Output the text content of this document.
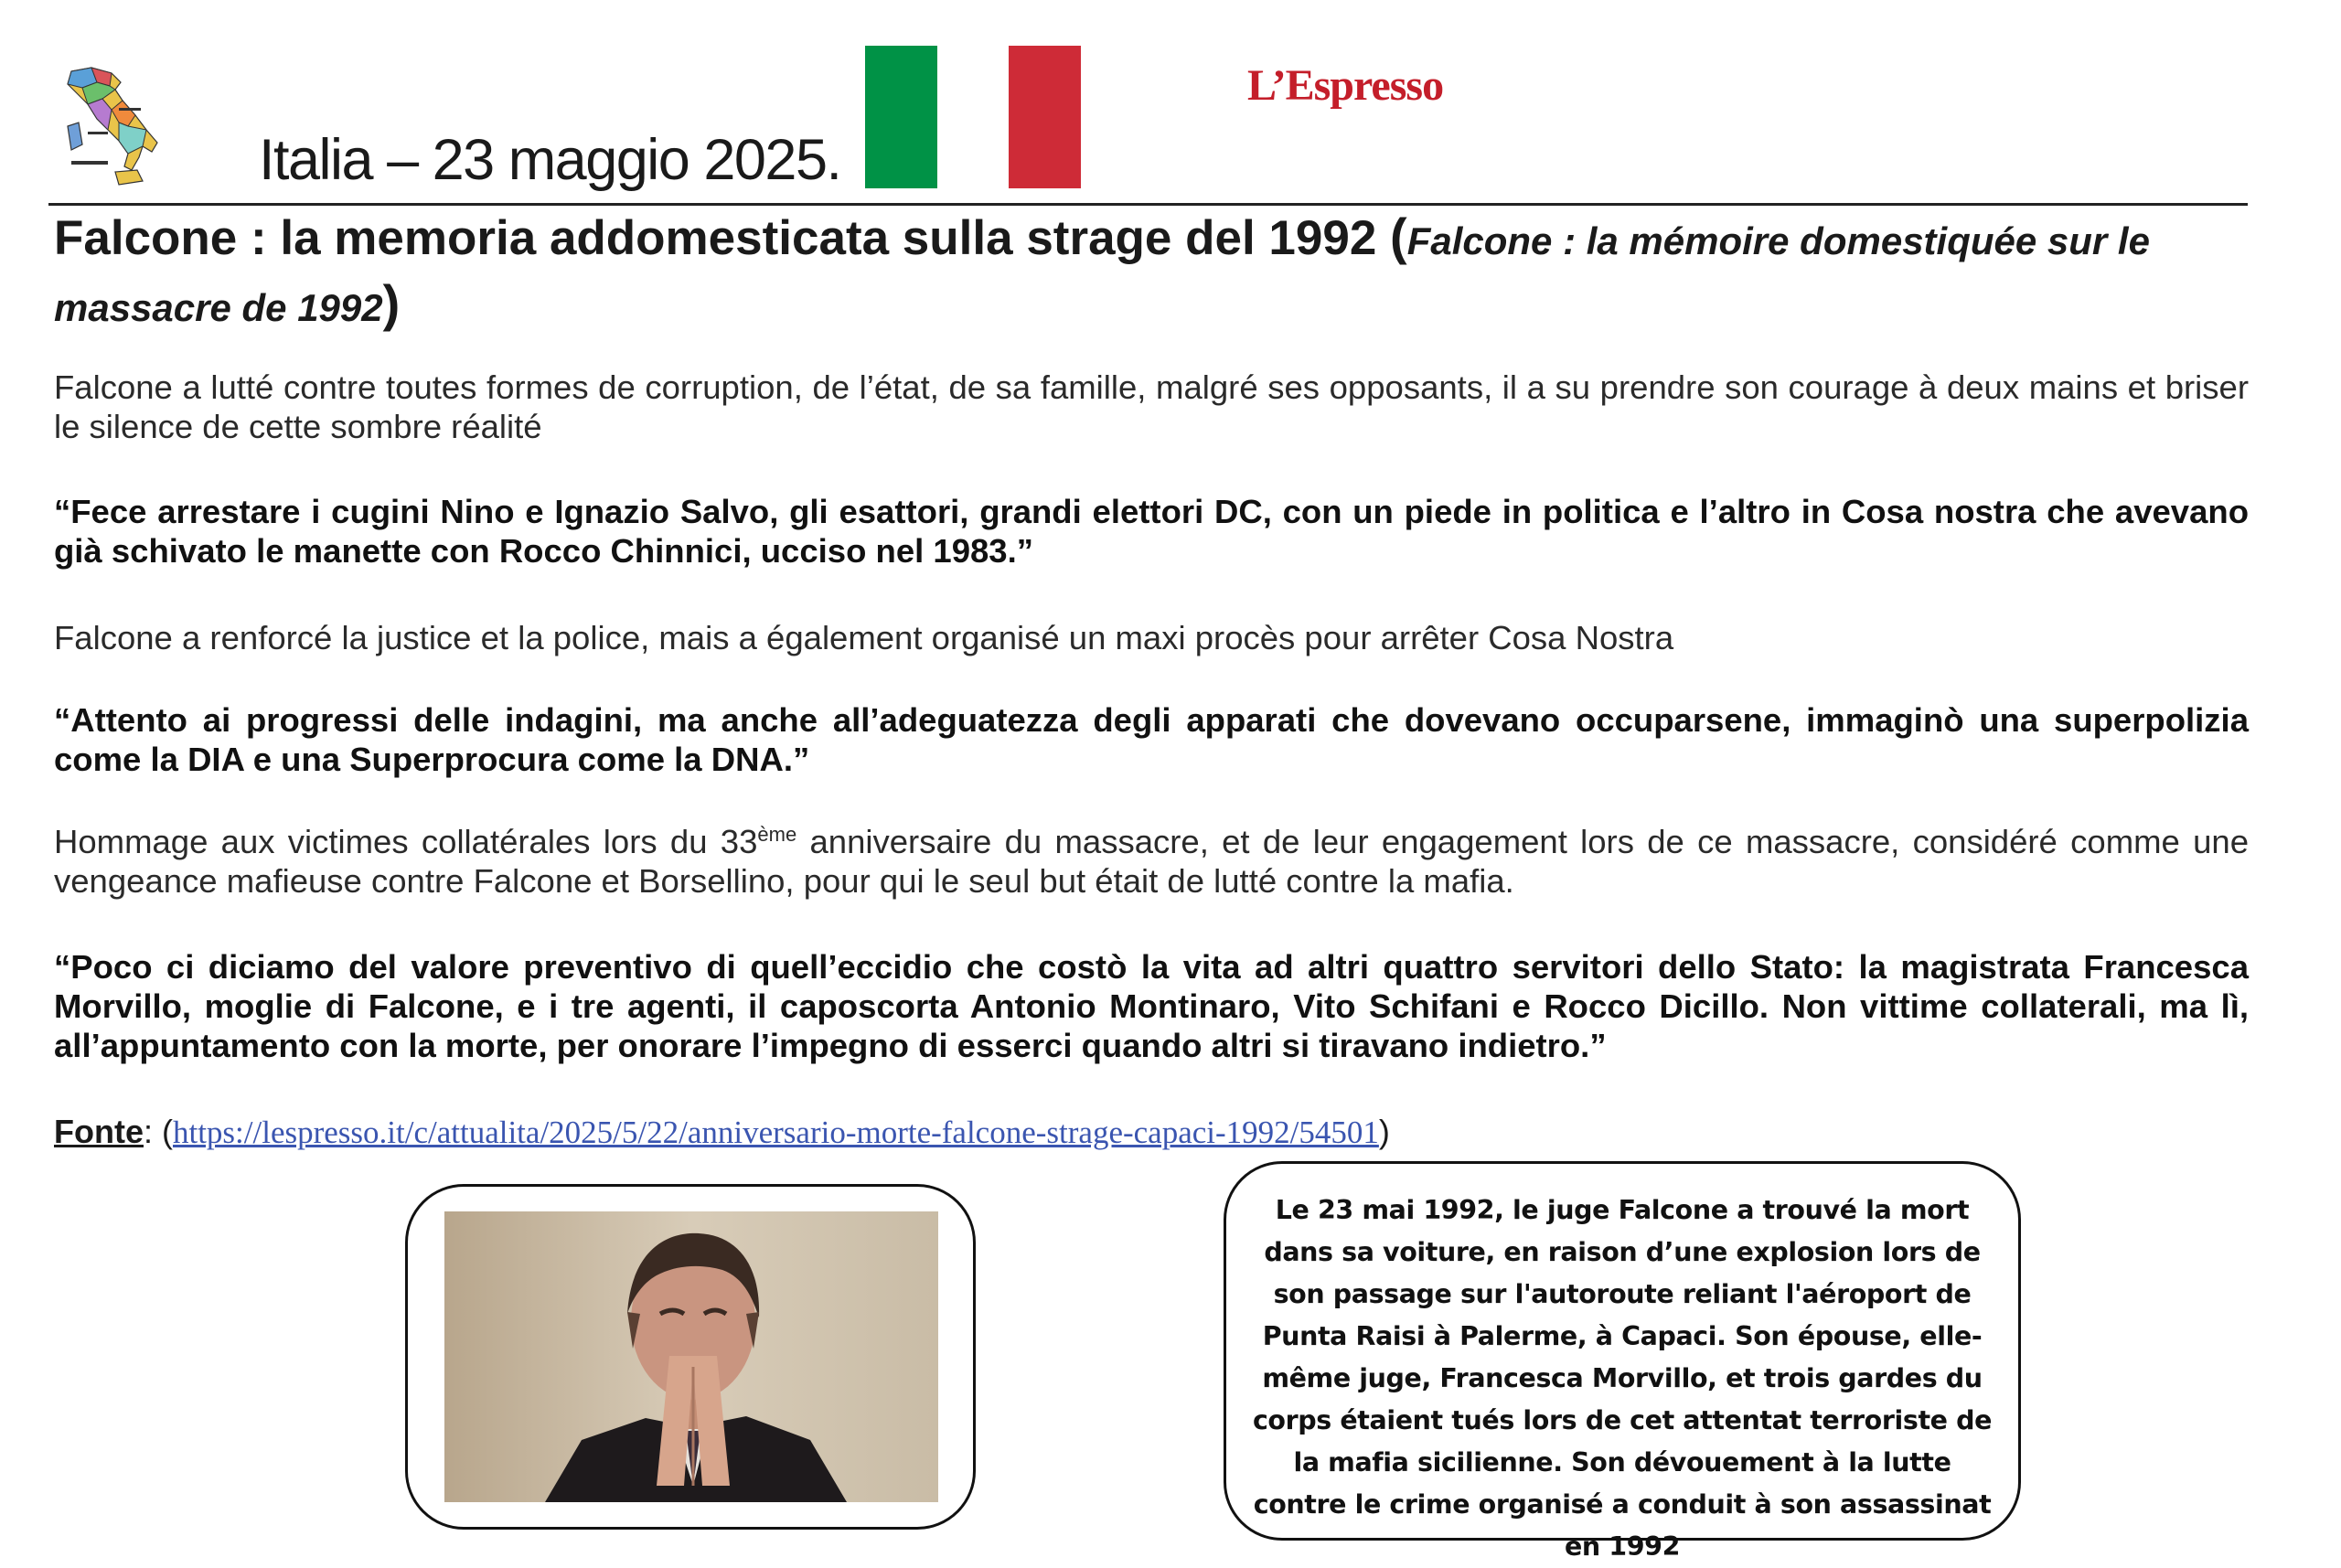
Italia – 23 maggio 2025.
L’Espresso
Falcone : la memoria addomesticata sulla strage del 1992 (Falcone : la mémoire domestiquée sur le massacre de 1992)
Falcone a lutté contre toutes formes de corruption, de l’état, de sa famille, malgré ses opposants, il a su prendre son courage à deux mains et briser le silence de cette sombre réalité
“Fece arrestare i cugini Nino e Ignazio Salvo, gli esattori, grandi elettori DC, con un piede in politica e l’altro in Cosa nostra che avevano già schivato le manette con Rocco Chinnici, ucciso nel 1983.”
Falcone a renforcé la justice et la police, mais a également organisé un maxi procès pour arrêter Cosa Nostra
“Attento ai progressi delle indagini, ma anche all’adeguatezza degli apparati che dovevano occuparsene, immaginò una superpolizia come la DIA e una Superprocura come la DNA.”
Hommage aux victimes collatérales lors du 33ème anniversaire du massacre, et de leur engagement lors de ce massacre, considéré comme une vengeance mafieuse contre Falcone et Borsellino, pour qui le seul but était de lutté contre la mafia.
“Poco ci diciamo del valore preventivo di quell’eccidio che costò la vita ad altri quattro servitori dello Stato: la magistrata Francesca Morvillo, moglie di Falcone, e i tre agenti, il caposcorta Antonio Montinaro, Vito Schifani e Rocco Dicillo. Non vittime collaterali, ma lì, all’appuntamento con la morte, per onorare l’impegno di esserci quando altri si tiravano indietro.”
Fonte: (https://lespresso.it/c/attualita/2025/5/22/anniversario-morte-falcone-strage-capaci-1992/54501)
Le 23 mai 1992, le juge Falcone a trouvé la mort dans sa voiture, en raison d’une explosion lors de son passage sur l'autoroute reliant l'aéroport de Punta Raisi à Palerme, à Capaci. Son épouse, elle-même juge, Francesca Morvillo, et trois gardes du corps étaient tués lors de cet attentat terroriste de la mafia sicilienne. Son dévouement à la lutte contre le crime organisé a conduit à son assassinat en 1992
